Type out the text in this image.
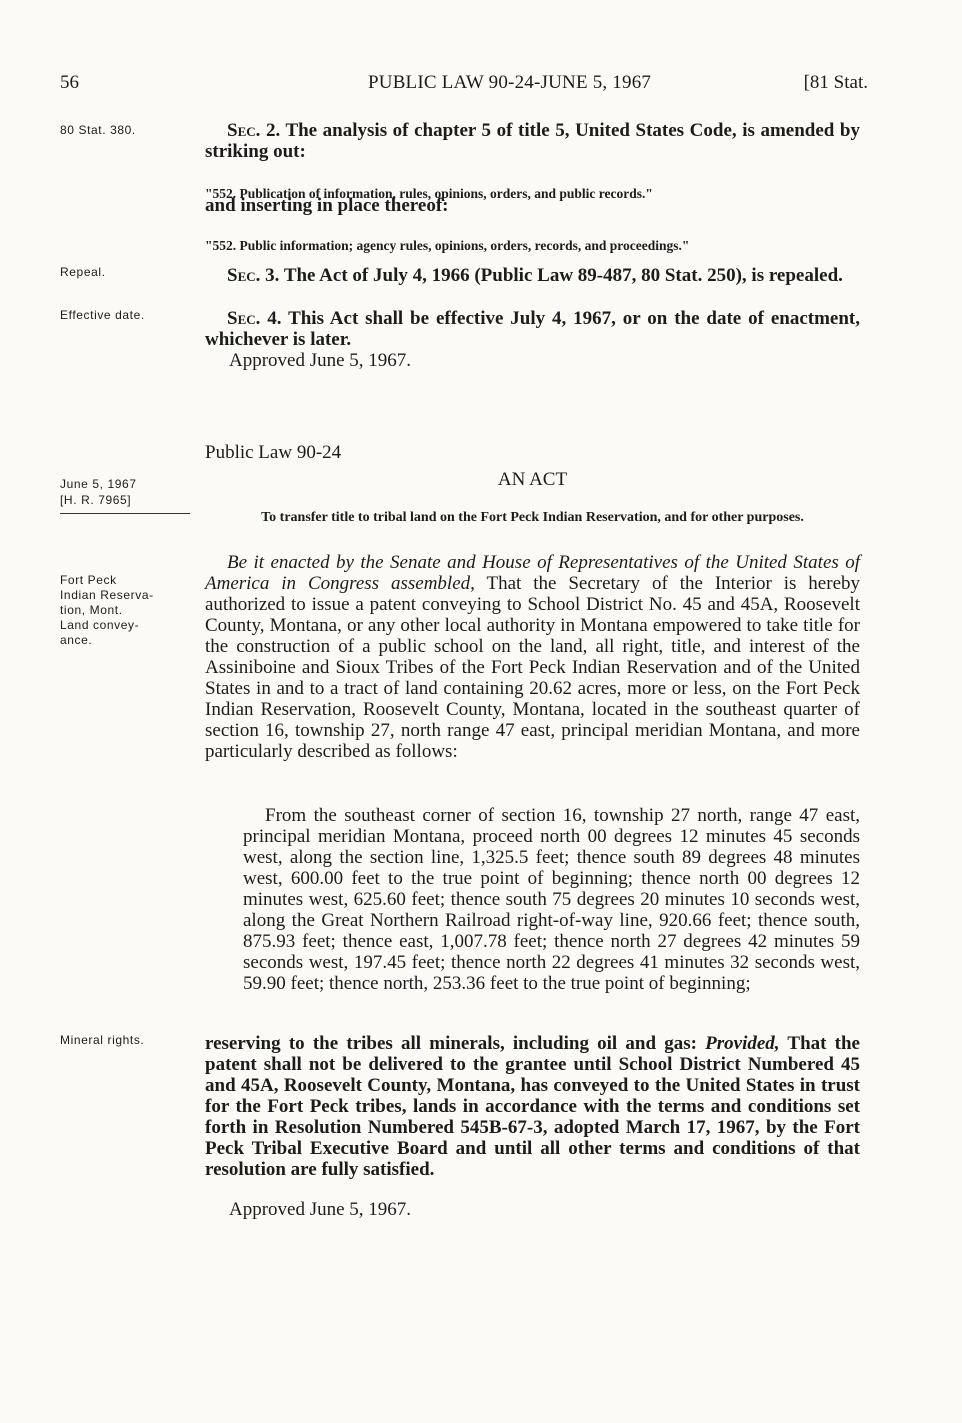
56	PUBLIC LAW 90-24-JUNE 5, 1967	[81 Stat.
80 Stat. 380.
Repeal.
Effective date.
June 5, 1967
[H. R. 7965]
Fort Peck
Indian Reserva-
tion, Mont.
Land convey-
ance.
Mineral rights.

Sec. 2. The analysis of chapter 5 of title 5, United States Code, is amended by striking out:

"552. Publication of information, rules, opinions, orders, and public records."

and inserting in place thereof:

"552. Public information; agency rules, opinions, orders, records, and proceedings."

Sec. 3. The Act of July 4, 1966 (Public Law 89-487, 80 Stat. 250), is repealed.

Sec. 4. This Act shall be effective July 4, 1967, or on the date of enactment, whichever is later.

Approved June 5, 1967.

Public Law 90-24

AN ACT

To transfer title to tribal land on the Fort Peck Indian Reservation, and for other purposes.

Be it enacted by the Senate and House of Representatives of the United States of America in Congress assembled, That the Secretary of the Interior is hereby authorized to issue a patent conveying to School District No. 45 and 45A, Roosevelt County, Montana, or any other local authority in Montana empowered to take title for the construction of a public school on the land, all right, title, and interest of the Assiniboine and Sioux Tribes of the Fort Peck Indian Reservation and of the United States in and to a tract of land containing 20.62 acres, more or less, on the Fort Peck Indian Reservation, Roosevelt County, Montana, located in the southeast quarter of section 16, township 27, north range 47 east, principal meridian Montana, and more particularly described as follows:

From the southeast corner of section 16, township 27 north, range 47 east, principal meridian Montana, proceed north 00 degrees 12 minutes 45 seconds west, along the section line, 1,325.5 feet; thence south 89 degrees 48 minutes west, 600.00 feet to the true point of beginning; thence north 00 degrees 12 minutes west, 625.60 feet; thence south 75 degrees 20 minutes 10 seconds west, along the Great Northern Railroad right-of-way line, 920.66 feet; thence south, 875.93 feet; thence east, 1,007.78 feet; thence north 27 degrees 42 minutes 59 seconds west, 197.45 feet; thence north 22 degrees 41 minutes 32 seconds west, 59.90 feet; thence north, 253.36 feet to the true point of beginning;

reserving to the tribes all minerals, including oil and gas: Provided, That the patent shall not be delivered to the grantee until School District Numbered 45 and 45A, Roosevelt County, Montana, has conveyed to the United States in trust for the Fort Peck tribes, lands in accordance with the terms and conditions set forth in Resolution Numbered 545B-67-3, adopted March 17, 1967, by the Fort Peck Tribal Executive Board and until all other terms and conditions of that resolution are fully satisfied.

Approved June 5, 1967.
